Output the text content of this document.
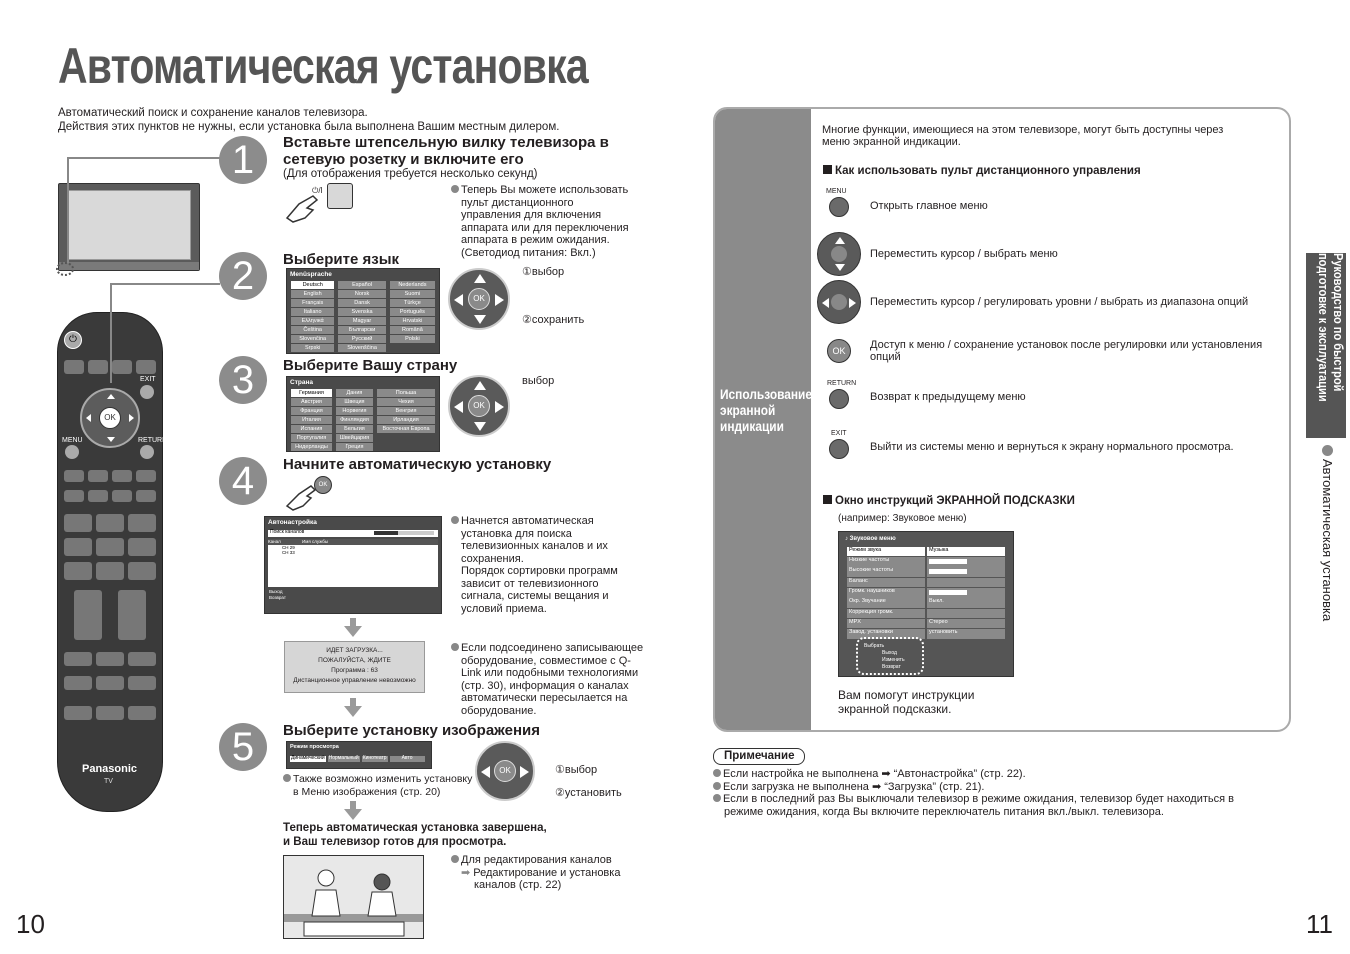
Автоматическая установка
Автоматический поиск и сохранение каналов телевизора.
Действия этих пунктов не нужны, если установка была выполнена Вашим местным дилером.
⏻
EXIT
OK
MENU	RETURN
Panasonic
TV
1	Вставьте штепсельную вилку телевизора в
сетевую розетку и включите его
(Для отображения требуется несколько секунд)
⏻/I	Теперь Вы можете использовать
пульт дистанционного
управления для включения
аппарата или для переключения
аппарата в режим ожидания.
(Светодиод питания: Вкл.)
2	Выберите язык
Menüsprache
Deutsch	Español	Nederlands
English	Norsk	Suomi
Français	Dansk	Türkçe
Italiano	Svenska	Português
Ελληνικά	Magyar	Hrvatski
Čeština	Български	Română
Slovenčina	Русский	Polski
Srpski	Slovenščina	
OK
①выбор
②сохранить
3	Выберите Вашу страну
Страна
Германия	Дания	Польша
Австрия	Швеция	Чехия
Франция	Норвегия	Венгрия
Италия	Финляндия	Ирландия
Испания	Бельгия	Восточная Европа
Португалия	Швейцария	
Нидерланды	Греция	
OK
выбор
4	Начните автоматическую установку
OK
Автонастройка
Поиск каналов
Канал	Имя службы
CH 29
CH 33
Выход
Возврат
Начнется автоматическая
установка для поиска
телевизионных каналов и их
сохранения.
Порядок сортировки программ
зависит от телевизионного
сигнала, системы вещания и
условий приема.
ИДЕТ ЗАГРУЗКА...
ПОЖАЛУЙСТА, ЖДИТЕ
Программа : 63
Дистанционное управление невозможно
Если подсоединено записывающее
оборудование, совместимое с Q-
Link или подобными технологиями
(стр. 30), информация о каналах
автоматически пересылается на
оборудование.
5	Выберите установку изображения
Режим просмотра
Динамический Нормальный Кинотеатр	Авто
Также возможно изменить установку
в Меню изображения (стр. 20)
OK	①выбор
②установить
Теперь автоматическая установка завершена,
и Ваш телевизор готов для просмотра.
Для редактирования каналов
➡ Редактирование и установка
каналов (стр. 22)
10
Использование
экранной
индикации
Многие функции, имеющиеся на этом телевизоре, могут быть доступны через
меню экранной индикации.
Как использовать пульт дистанционного управления
MENU
Открыть главное меню
Переместить курсор / выбрать меню
Переместить курсор / регулировать уровни / выбрать из диапазона опций
OK	Доступ к меню / сохранение установок после регулировки или установления опций
RETURN
Возврат к предыдущему меню
EXIT
Выйти из системы меню и вернуться к экрану нормального просмотра.
Окно инструкций ЭКРАННОЙ ПОДСКАЗКИ
(например: Звуковое меню)
♪ Звуковое меню
Режим звука	Музыка
Низкие частоты
Высокие частоты
Баланс
Громк. наушников
Окр. Звучание	Выкл.
Коррекция громк.
MPX	Стерео
Завод. установки	установить
Выбрать
Выход
Изменить
Возврат
Вам помогут инструкции
экранной подсказки.
Руководство по быстрой
подготовке к эксплуатации
Автоматическая установка
Примечание
Если настройка не выполнена ➡ “Автонастройка” (стр. 22).
Если загрузка не выполнена ➡ “Загрузка” (стр. 21).
Если в последний раз Вы выключали телевизор в режиме ожидания, телевизор будет находиться в
режиме ожидания, когда Вы включите переключатель питания вкл./выкл. телевизора.
11
